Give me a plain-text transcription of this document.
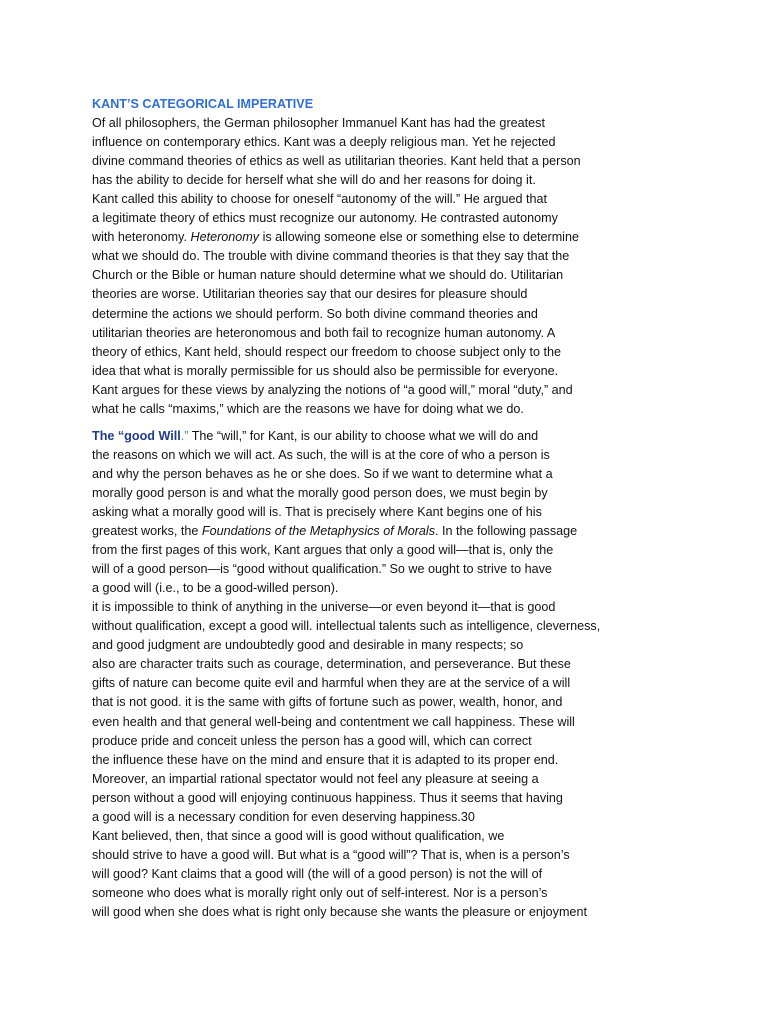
KANT’S CATEGORICAL IMPERATIVE
Of all philosophers, the German philosopher Immanuel Kant has had the greatest
influence on contemporary ethics. Kant was a deeply religious man. Yet he rejected
divine command theories of ethics as well as utilitarian theories. Kant held that a person
has the ability to decide for herself what she will do and her reasons for doing it.
Kant called this ability to choose for oneself “autonomy of the will.” He argued that
a legitimate theory of ethics must recognize our autonomy. He contrasted autonomy
with heteronomy. Heteronomy is allowing someone else or something else to determine
what we should do. The trouble with divine command theories is that they say that the
Church or the Bible or human nature should determine what we should do. Utilitarian
theories are worse. Utilitarian theories say that our desires for pleasure should
determine the actions we should perform. So both divine command theories and
utilitarian theories are heteronomous and both fail to recognize human autonomy. A
theory of ethics, Kant held, should respect our freedom to choose subject only to the
idea that what is morally permissible for us should also be permissible for everyone.
Kant argues for these views by analyzing the notions of “a good will,” moral “duty,” and
what he calls “maxims,” which are the reasons we have for doing what we do.
The “good Will.” The “will,” for Kant, is our ability to choose what we will do and
the reasons on which we will act. As such, the will is at the core of who a person is
and why the person behaves as he or she does. So if we want to determine what a
morally good person is and what the morally good person does, we must begin by
asking what a morally good will is. That is precisely where Kant begins one of his
greatest works, the Foundations of the Metaphysics of Morals. In the following passage
from the first pages of this work, Kant argues that only a good will—that is, only the
will of a good person—is “good without qualification.” So we ought to strive to have
a good will (i.e., to be a good-willed person).
it is impossible to think of anything in the universe—or even beyond it—that is good
without qualification, except a good will. intellectual talents such as intelligence, cleverness,
and good judgment are undoubtedly good and desirable in many respects; so
also are character traits such as courage, determination, and perseverance. But these
gifts of nature can become quite evil and harmful when they are at the service of a will
that is not good. it is the same with gifts of fortune such as power, wealth, honor, and
even health and that general well-being and contentment we call happiness. These will
produce pride and conceit unless the person has a good will, which can correct
the influence these have on the mind and ensure that it is adapted to its proper end.
Moreover, an impartial rational spectator would not feel any pleasure at seeing a
person without a good will enjoying continuous happiness. Thus it seems that having
a good will is a necessary condition for even deserving happiness.30
Kant believed, then, that since a good will is good without qualification, we
should strive to have a good will. But what is a “good will”? That is, when is a person’s
will good? Kant claims that a good will (the will of a good person) is not the will of
someone who does what is morally right only out of self-interest. Nor is a person’s
will good when she does what is right only because she wants the pleasure or enjoyment
